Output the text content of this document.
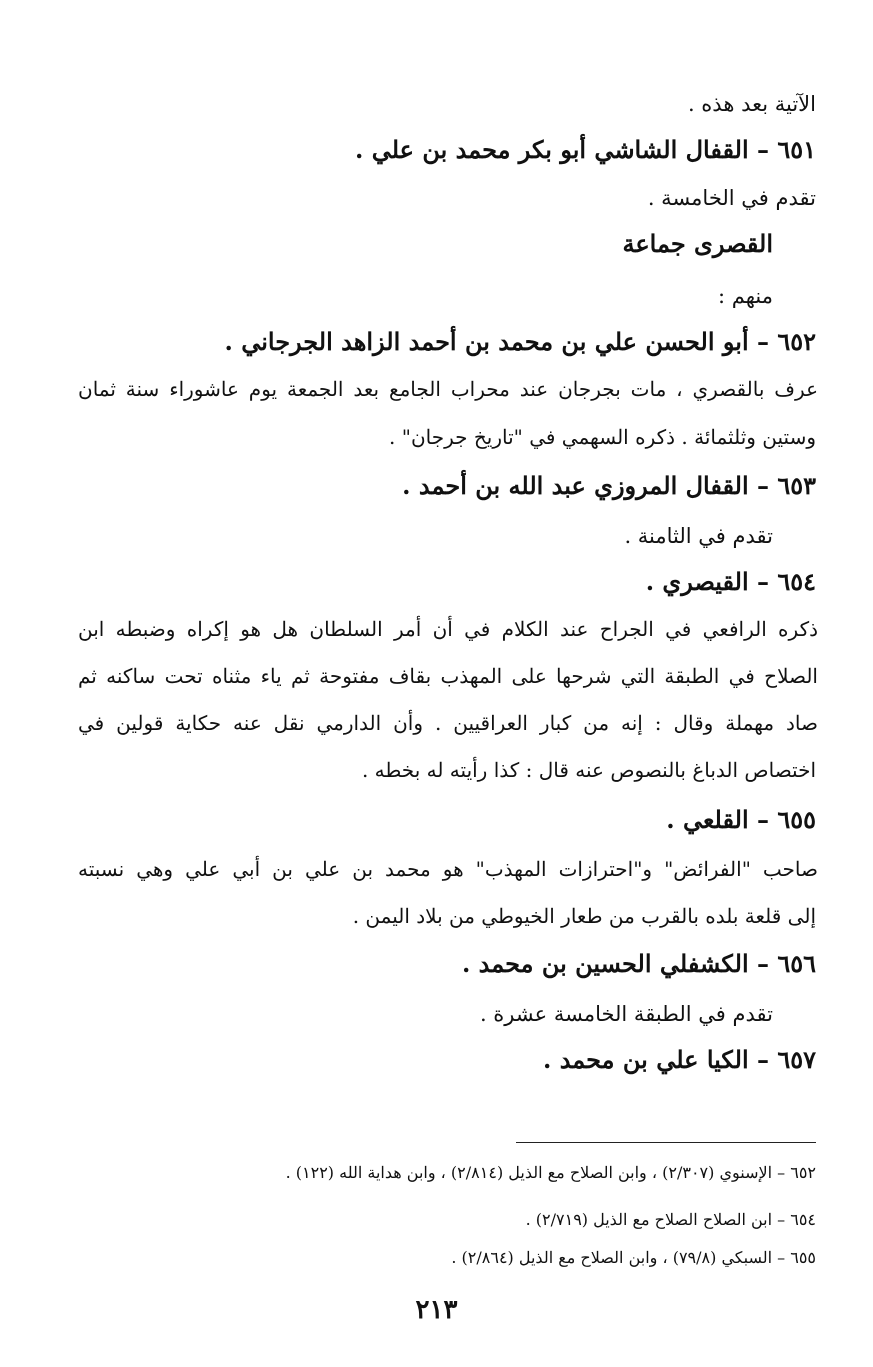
الآتية بعد هذه .
٦٥١ – القفال الشاشي أبو بكر محمد بن علي .
تقدم في الخامسة .
القصرى جماعة
منهم :
٦٥٢ – أبو الحسن علي بن محمد بن أحمد الزاهد الجرجاني .
عرف بالقصري ، مات بجرجان عند محراب الجامع بعد الجمعة يوم عاشوراء سنة ثمان
وستين وثلثمائة . ذكره السهمي في "تاريخ جرجان" .
٦٥٣ – القفال المروزي عبد الله بن أحمد .
تقدم في الثامنة .
٦٥٤ – القيصري .
ذكره الرافعي في الجراح عند الكلام في أن أمر السلطان هل هو إكراه وضبطه ابن
الصلاح في الطبقة التي شرحها على المهذب بقاف مفتوحة ثم ياء مثناه تحت ساكنه ثم
صاد مهملة وقال : إنه من كبار العراقيين . وأن الدارمي نقل عنه حكاية قولين في
اختصاص الدباغ بالنصوص عنه قال : كذا رأيته له بخطه .
٦٥٥ – القلعي .
صاحب "الفرائض" و"احترازات المهذب" هو محمد بن علي بن أبي علي وهي نسبته
إلى قلعة بلده بالقرب من طعار الخيوطي من بلاد اليمن .
٦٥٦ – الكشفلي الحسين بن محمد .
تقدم في الطبقة الخامسة عشرة .
٦٥٧ – الكيا علي بن محمد .
٦٥٢ – الإسنوي (٢/٣٠٧) ، وابن الصلاح مع الذيل (٢/٨١٤) ، وابن هداية الله (١٢٢) .
٦٥٤ – ابن الصلاح الصلاح مع الذيل (٢/٧١٩) .
٦٥٥ – السبكي (٧٩/٨) ، وابن الصلاح مع الذيل (٢/٨٦٤) .
٢١٣
